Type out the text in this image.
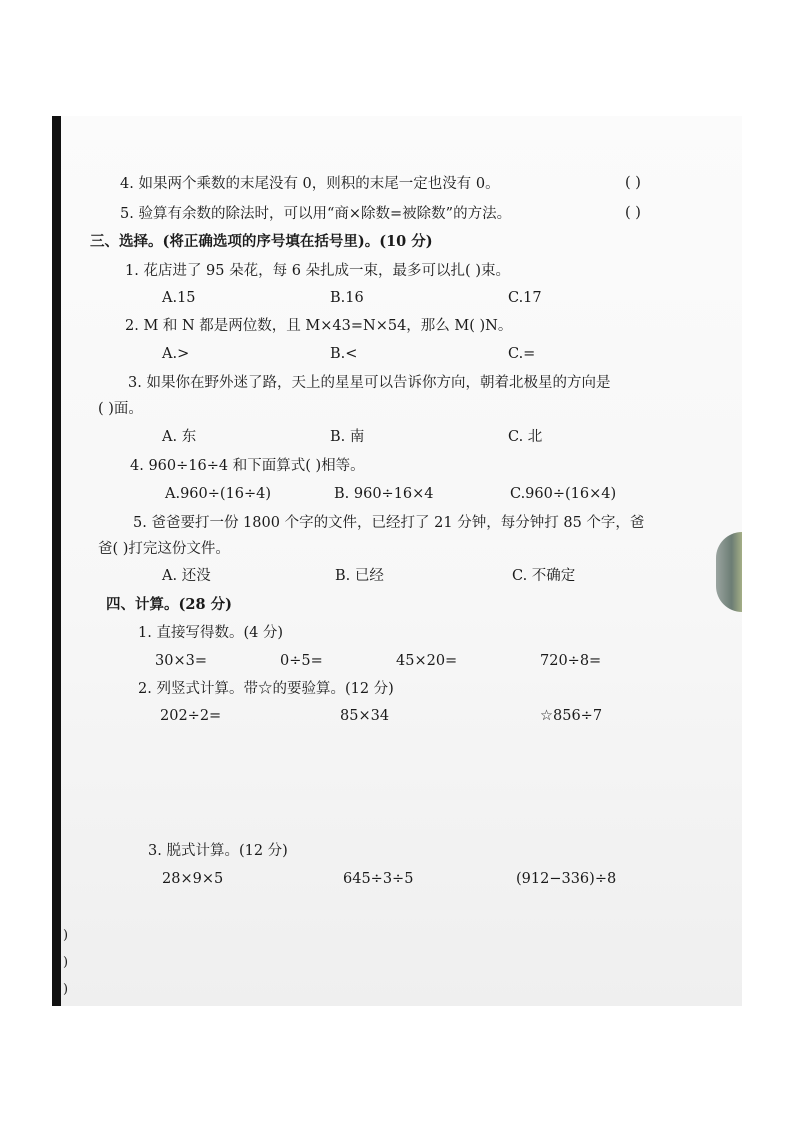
4. 如果两个乘数的末尾没有 0，则积的末尾一定也没有 0。	( )
5. 验算有余数的除法时，可以用“商×除数=被除数”的方法。	( )
三、选择。(将正确选项的序号填在括号里)。(10 分)
1. 花店进了 95 朵花，每 6 朵扎成一束，最多可以扎( )束。
A.15	B.16	C.17
2. M 和 N 都是两位数，且 M×43=N×54，那么 M( )N。
A.>	B.<	C.=
3. 如果你在野外迷了路，天上的星星可以告诉你方向，朝着北极星的方向是
( )面。
A. 东	B. 南	C. 北
4. 960÷16÷4 和下面算式( )相等。
A.960÷(16÷4)	B. 960÷16×4	C.960÷(16×4)
5. 爸爸要打一份 1800 个字的文件，已经打了 21 分钟，每分钟打 85 个字，爸
爸( )打完这份文件。
A. 还没	B. 已经	C. 不确定
四、计算。(28 分)
1. 直接写得数。(4 分)
30×3=	0÷5=	45×20=	720÷8=
2. 列竖式计算。带☆的要验算。(12 分)
202÷2=	85×34	☆856÷7
3. 脱式计算。(12 分)
28×9×5	645÷3÷5	(912−336)÷8
)
)
)
